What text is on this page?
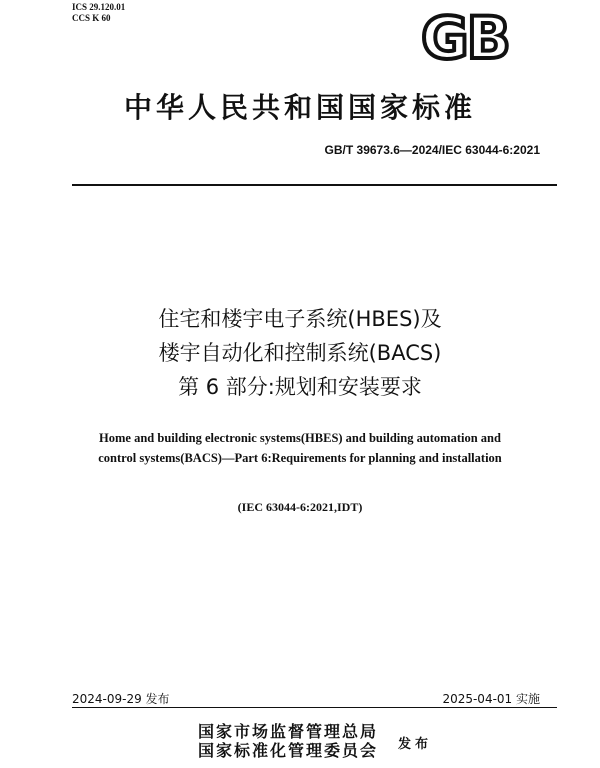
ICS 29.120.01
CCS K 60	GB
中华人民共和国国家标准
GB/T 39673.6—2024/IEC 63044-6:2021
住宅和楼宇电子系统(HBES)及
楼宇自动化和控制系统(BACS)
第 6 部分:规划和安装要求
Home and building electronic systems(HBES) and building automation and
control systems(BACS)—Part 6:Requirements for planning and installation
(IEC 63044-6:2021,IDT)
2024-09-29 发布	2025-04-01 实施
国家市场监督管理总局
国家标准化管理委员会 发布
